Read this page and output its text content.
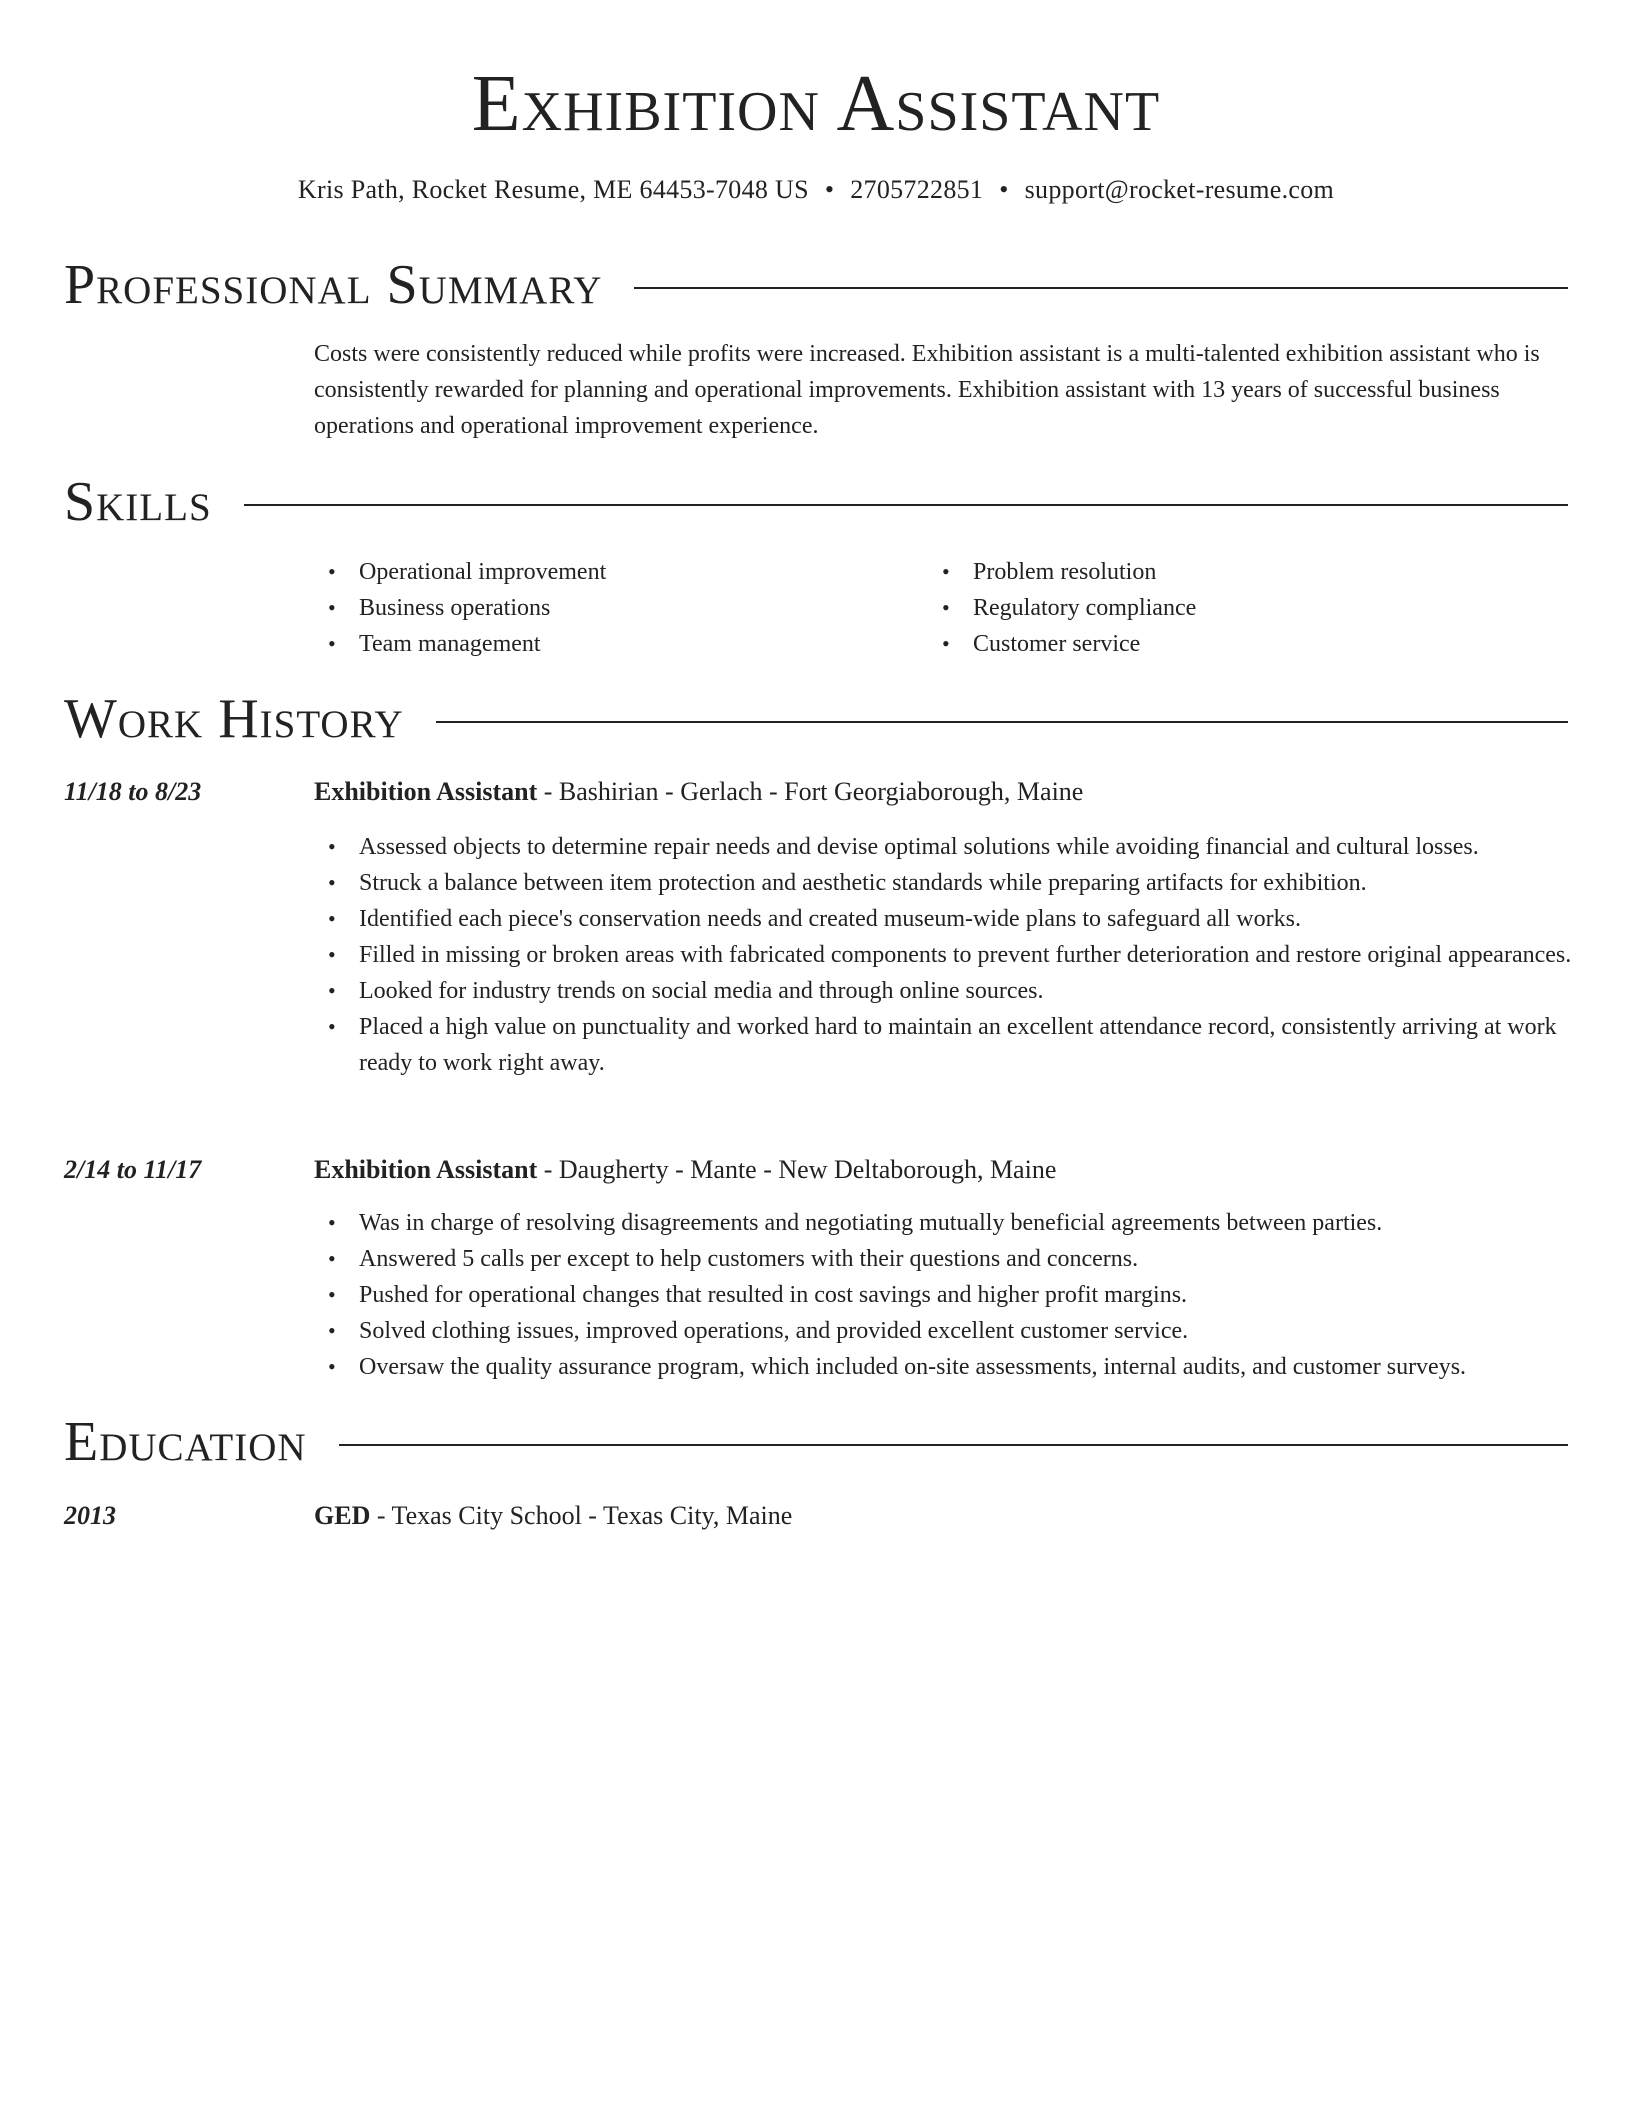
Exhibition Assistant
Kris Path, Rocket Resume, ME 64453-7048 US • 2705722851 • support@rocket-resume.com
Professional Summary

Costs were consistently reduced while profits were increased. Exhibition assistant is a multi-talented exhibition assistant who is consistently rewarded for planning and operational improvements. Exhibition assistant with 13 years of successful business operations and operational improvement experience.

Skills
• Operational improvement
• Business operations
• Team management
• Problem resolution
• Regulatory compliance
• Customer service
Work History
11/18 to 8/23	Exhibition Assistant - Bashirian - Gerlach - Fort Georgiaborough, Maine
• Assessed objects to determine repair needs and devise optimal solutions while avoiding financial and cultural losses.
• Struck a balance between item protection and aesthetic standards while preparing artifacts for exhibition.
• Identified each piece's conservation needs and created museum-wide plans to safeguard all works.
• Filled in missing or broken areas with fabricated components to prevent further deterioration and restore original appearances.
• Looked for industry trends on social media and through online sources.
• Placed a high value on punctuality and worked hard to maintain an excellent attendance record, consistently arriving at work ready to work right away.
2/14 to 11/17	Exhibition Assistant - Daugherty - Mante - New Deltaborough, Maine
• Was in charge of resolving disagreements and negotiating mutually beneficial agreements between parties.
• Answered 5 calls per except to help customers with their questions and concerns.
• Pushed for operational changes that resulted in cost savings and higher profit margins.
• Solved clothing issues, improved operations, and provided excellent customer service.
• Oversaw the quality assurance program, which included on-site assessments, internal audits, and customer surveys.
Education
2013	GED - Texas City School - Texas City, Maine
